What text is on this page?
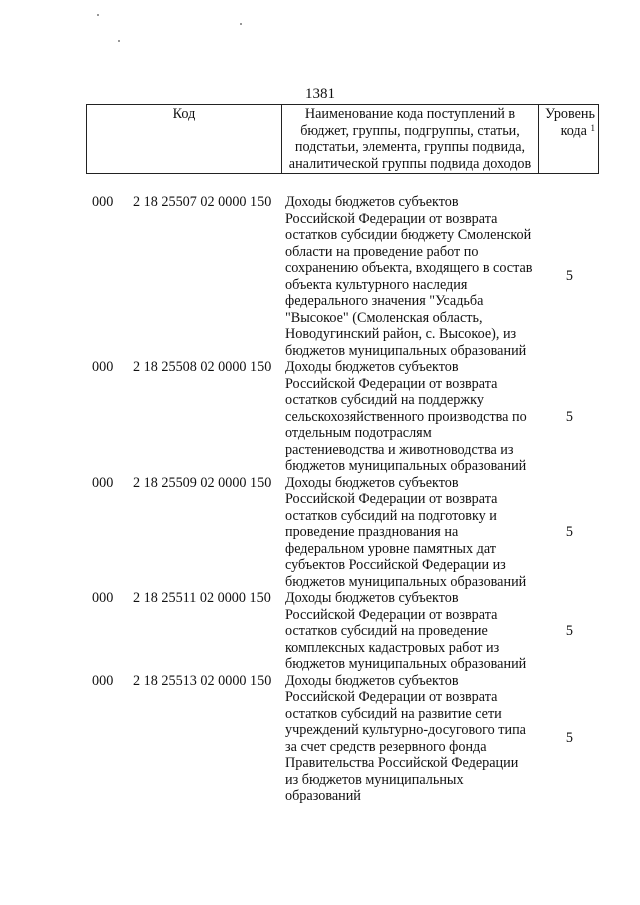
1381
Код	Наименование кода поступлений в
бюджет, группы, подгруппы, статьи,
подстатьи, элемента, группы подвида,
аналитической группы подвида доходов

Уровень
кода $^1$
000	2 18 25507 02 0000 150 Доходы бюджетов субъектов
Российской Федерации от возврата
остатков субсидии бюджету Смоленской
области на проведение работ по
сохранению объекта, входящего в состав
объекта культурного наследия
федерального значения "Усадьба
"Высокое" (Смоленская область,
Новодугинский район, с. Высокое), из
бюджетов муниципальных образований
5
000	2 18 25508 02 0000 150 Доходы бюджетов субъектов
Российской Федерации от возврата
остатков субсидий на поддержку
сельскохозяйственного производства по
отдельным подотраслям
растениеводства и животноводства из
бюджетов муниципальных образований
5
000	2 18 25509 02 0000 150 Доходы бюджетов субъектов
Российской Федерации от возврата
остатков субсидий на подготовку и
проведение празднования на
федеральном уровне памятных дат
субъектов Российской Федерации из
бюджетов муниципальных образований
5
000	2 18 25511 02 0000 150 Доходы бюджетов субъектов
Российской Федерации от возврата
остатков субсидий на проведение
комплексных кадастровых работ из
бюджетов муниципальных образований
5
000	2 18 25513 02 0000 150 Доходы бюджетов субъектов
Российской Федерации от возврата
остатков субсидий на развитие сети
учреждений культурно-досугового типа
за счет средств резервного фонда
Правительства Российской Федерации
из бюджетов муниципальных
образований
5
